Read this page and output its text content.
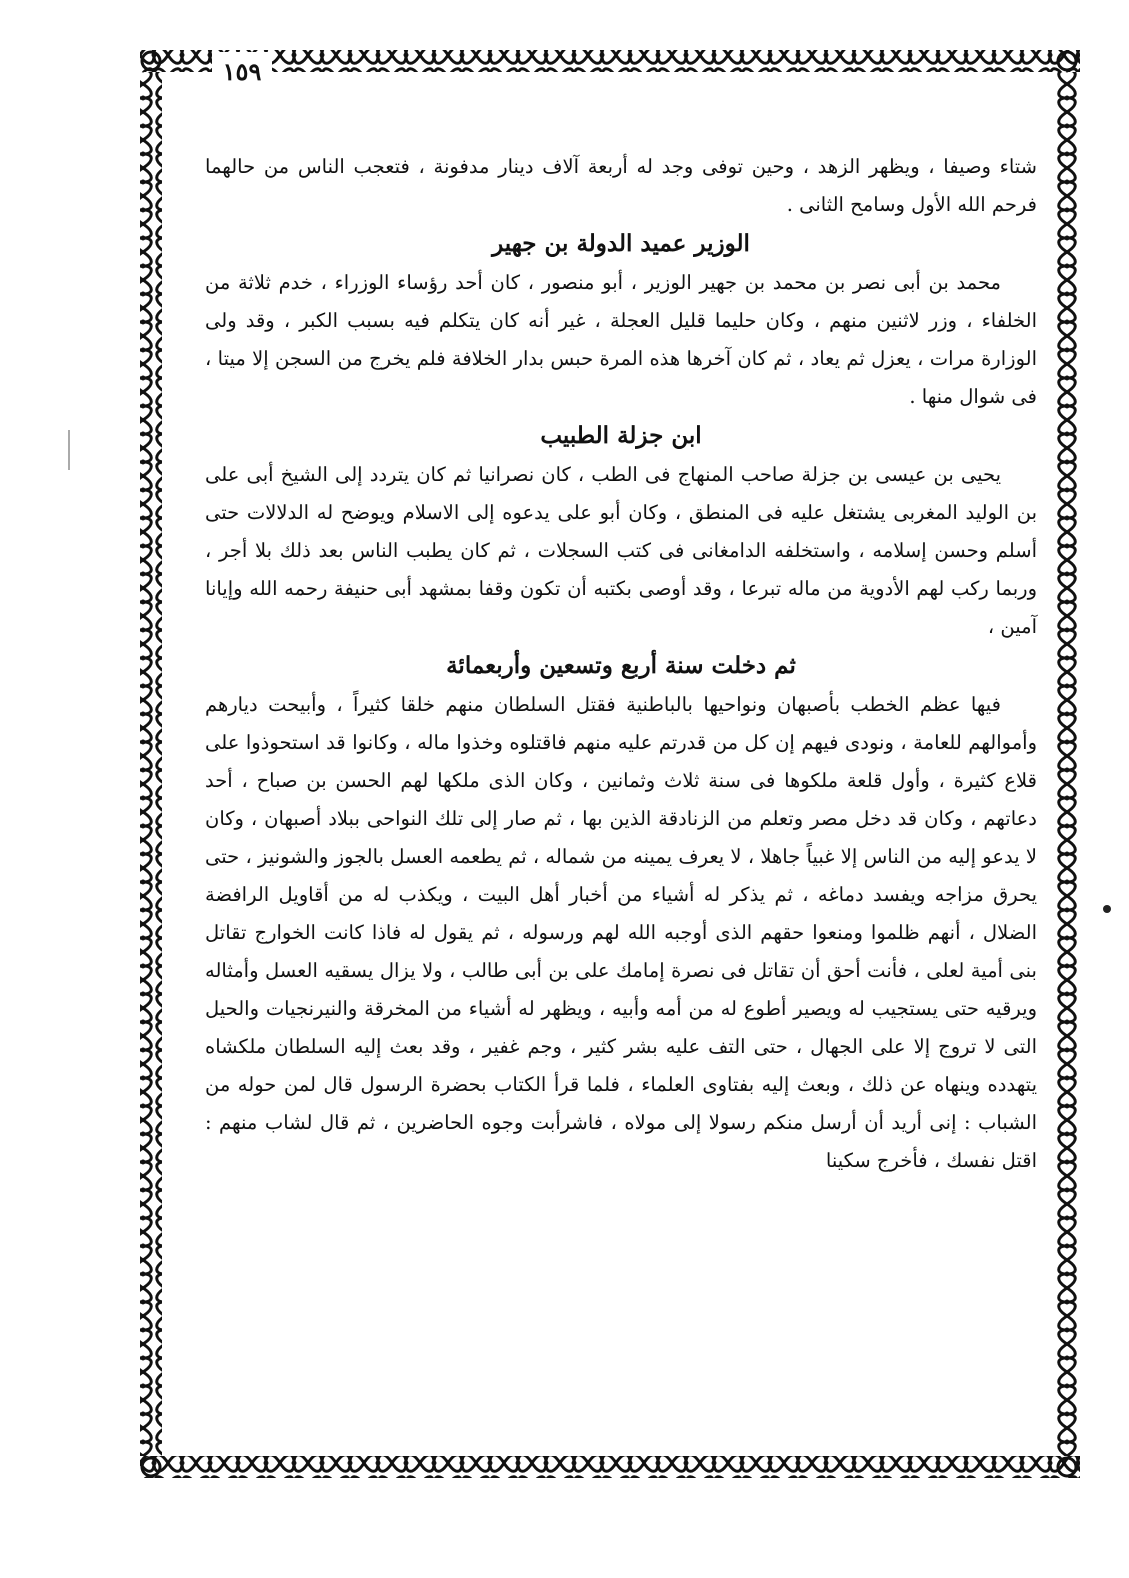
١٥٩

شتاء وصيفا ، ويظهر الزهد ، وحين توفى وجد له أربعة آلاف دينار مدفونة ، فتعجب الناس من حالهما فرحم الله الأول وسامح الثانى .

الوزير عميد الدولة بن جهير

محمد بن أبى نصر بن محمد بن جهير الوزير ، أبو منصور ، كان أحد رؤساء الوزراء ، خدم ثلاثة من الخلفاء ، وزر لاثنين منهم ، وكان حليما قليل العجلة ، غير أنه كان يتكلم فيه بسبب الكبر ، وقد ولى الوزارة مرات ، يعزل ثم يعاد ، ثم كان آخرها هذه المرة حبس بدار الخلافة فلم يخرج من السجن إلا ميتا ، فى شوال منها .

ابن جزلة الطبيب

يحيى بن عيسى بن جزلة صاحب المنهاج فى الطب ، كان نصرانيا ثم كان يتردد إلى الشيخ أبى على بن الوليد المغربى يشتغل عليه فى المنطق ، وكان أبو على يدعوه إلى الاسلام ويوضح له الدلالات حتى أسلم وحسن إسلامه ، واستخلفه الدامغانى فى كتب السجلات ، ثم كان يطبب الناس بعد ذلك بلا أجر ، وربما ركب لهم الأدوية من ماله تبرعا ، وقد أوصى بكتبه أن تكون وقفا بمشهد أبى حنيفة رحمه الله وإيانا آمين ،

ثم دخلت سنة أربع وتسعين وأربعمائة

فيها عظم الخطب بأصبهان ونواحيها بالباطنية فقتل السلطان منهم خلقا كثيراً ، وأبيحت ديارهم وأموالهم للعامة ، ونودى فيهم إن كل من قدرتم عليه منهم فاقتلوه وخذوا ماله ، وكانوا قد استحوذوا على قلاع كثيرة ، وأول قلعة ملكوها فى سنة ثلاث وثمانين ، وكان الذى ملكها لهم الحسن بن صباح ، أحد دعاتهم ، وكان قد دخل مصر وتعلم من الزنادقة الذين بها ، ثم صار إلى تلك النواحى ببلاد أصبهان ، وكان لا يدعو إليه من الناس إلا غبياً جاهلا ، لا يعرف يمينه من شماله ، ثم يطعمه العسل بالجوز والشونيز ، حتى يحرق مزاجه ويفسد دماغه ، ثم يذكر له أشياء من أخبار أهل البيت ، ويكذب له من أقاويل الرافضة الضلال ، أنهم ظلموا ومنعوا حقهم الذى أوجبه الله لهم ورسوله ، ثم يقول له فاذا كانت الخوارج تقاتل بنى أمية لعلى ، فأنت أحق أن تقاتل فى نصرة إمامك على بن أبى طالب ، ولا يزال يسقيه العسل وأمثاله ويرقيه حتى يستجيب له ويصير أطوع له من أمه وأبيه ، ويظهر له أشياء من المخرقة والنيرنجيات والحيل التى لا تروج إلا على الجهال ، حتى التف عليه بشر كثير ، وجم غفير ، وقد بعث إليه السلطان ملكشاه يتهدده وينهاه عن ذلك ، وبعث إليه بفتاوى العلماء ، فلما قرأ الكتاب بحضرة الرسول قال لمن حوله من الشباب : إنى أريد أن أرسل منكم رسولا إلى مولاه ، فاشرأبت وجوه الحاضرين ، ثم قال لشاب منهم : اقتل نفسك ، فأخرج سكينا
